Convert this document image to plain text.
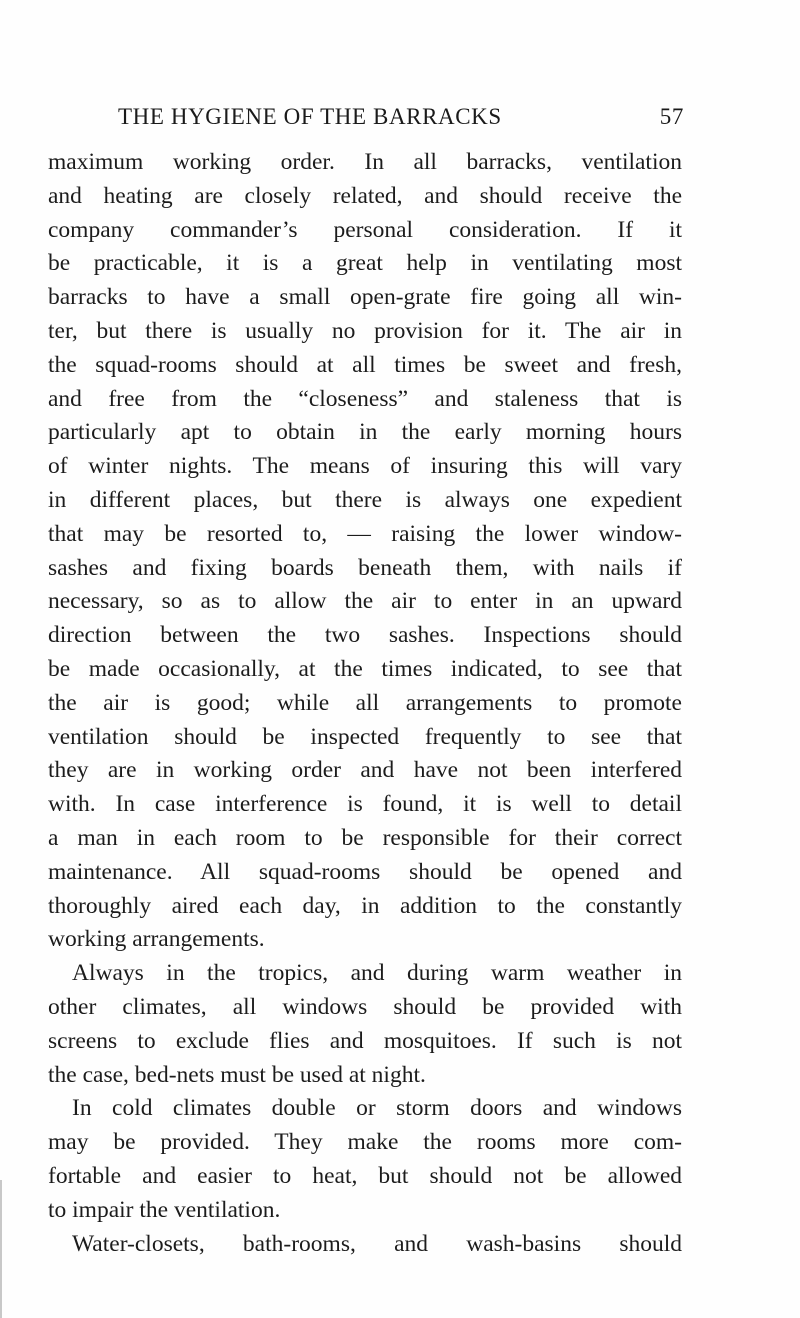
THE HYGIENE OF THE BARRACKS	57
maximum working order. In all barracks, ventilation
and heating are closely related, and should receive the
company commander’s personal consideration. If it
be practicable, it is a great help in ventilating most
barracks to have a small open-grate fire going all win-
ter, but there is usually no provision for it. The air in
the squad-rooms should at all times be sweet and fresh,
and free from the “closeness” and staleness that is
particularly apt to obtain in the early morning hours
of winter nights. The means of insuring this will vary
in different places, but there is always one expedient
that may be resorted to, — raising the lower window-
sashes and fixing boards beneath them, with nails if
necessary, so as to allow the air to enter in an upward
direction between the two sashes. Inspections should
be made occasionally, at the times indicated, to see that
the air is good; while all arrangements to promote
ventilation should be inspected frequently to see that
they are in working order and have not been interfered
with. In case interference is found, it is well to detail
a man in each room to be responsible for their correct
maintenance. All squad-rooms should be opened and
thoroughly aired each day, in addition to the constantly
working arrangements.
Always in the tropics, and during warm weather in
other climates, all windows should be provided with
screens to exclude flies and mosquitoes. If such is not
the case, bed-nets must be used at night.
In cold climates double or storm doors and windows
may be provided. They make the rooms more com-
fortable and easier to heat, but should not be allowed
to impair the ventilation.
Water-closets, bath-rooms, and wash-basins should
